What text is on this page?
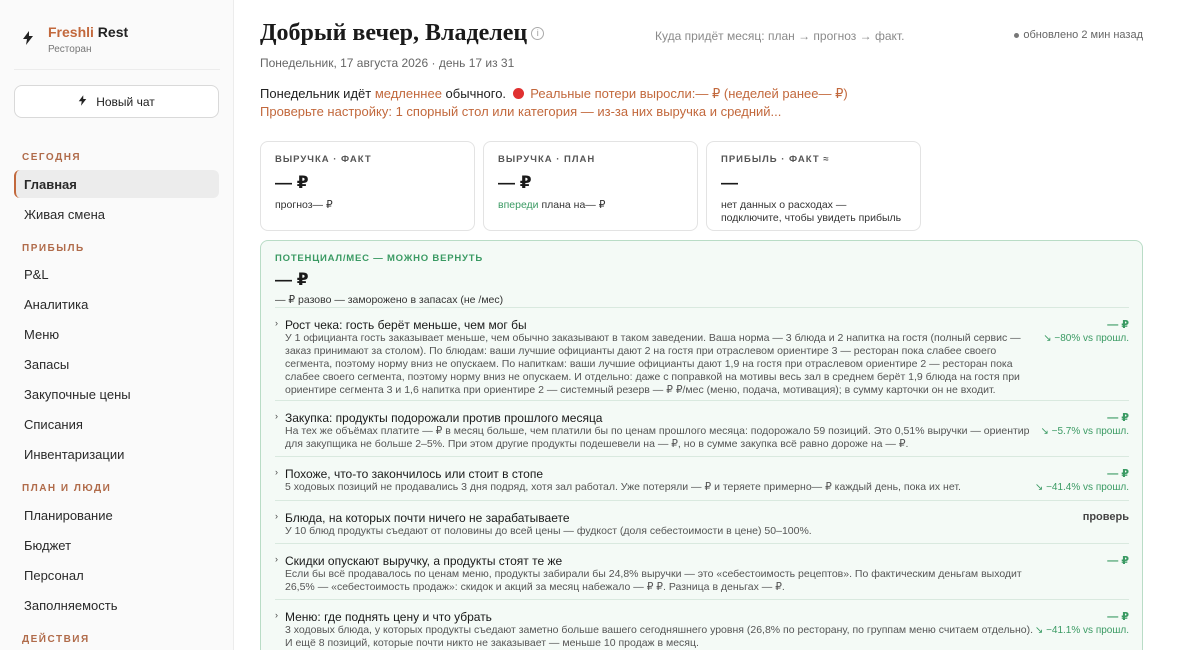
Freshli Rest
Ресторан
Новый чат
СЕГОДНЯ
Главная
Живая смена
ПРИБЫЛЬ
P&L
Аналитика
Меню
Запасы
Закупочные цены
Списания
Инвентаризации
ПЛАН И ЛЮДИ
Планирование
Бюджет
Персонал
Заполняемость
ДЕЙСТВИЯ
Добрый вечер, Владелец	i
Понедельник, 17 августа 2026 · день 17 из 31
Куда придёт месяц: план → прогноз → факт.	обновлено 2 мин назад
Понедельник идёт медленнее обычного.  Реальные потери выросли:— ₽ (неделей ранее— ₽) Проверьте настройку: 1 спорный стол или категория — из-за них выручка и средний...
ВЫРУЧКА · ФАКТ
— ₽
прогноз— ₽
ВЫРУЧКА · ПЛАН
— ₽
впереди плана на— ₽
ПРИБЫЛЬ · ФАКТ ≈
—
нет данных о расходах — подключите, чтобы увидеть прибыль
ПОТЕНЦИАЛ/МЕС — МОЖНО ВЕРНУТЬ
— ₽
— ₽ разово — заморожено в запасах (не /мес)
› Рост чека: гость берёт меньше, чем мог бы
У 1 официанта гость заказывает меньше, чем обычно заказывают в таком заведении. Ваша норма — 3 блюда и 2 напитка на гостя (полный сервис — заказ принимают за столом). По блюдам: ваши лучшие официанты дают 2 на гостя при отраслевом ориентире 3 — ресторан пока слабее своего сегмента, поэтому норму вниз не опускаем. По напиткам: ваши лучшие официанты дают 1,9 на гостя при отраслевом ориентире 2 — ресторан пока слабее своего сегмента, поэтому норму вниз не опускаем. И отдельно: даже с поправкой на мотивы весь зал в среднем берёт 1,9 блюда на гостя при ориентире сегмента 3 и 1,6 напитка при ориентире 2 — системный резерв — ₽ ₽/мес (меню, подача, мотивация); в сумму карточки он не входит.
— ₽
↘ −80% vs прошл.
› Закупка: продукты подорожали против прошлого месяца
На тех же объёмах платите — ₽ в месяц больше, чем платили бы по ценам прошлого месяца: подорожало 59 позиций. Это 0,51% выручки — ориентир для закупщика не больше 2–5%. При этом другие продукты подешевели на — ₽, но в сумме закупка всё равно дороже на — ₽.
— ₽
↘ −5.7% vs прошл.
› Похоже, что-то закончилось или стоит в стопе
5 ходовых позиций не продавались 3 дня подряд, хотя зал работал. Уже потеряли — ₽ и теряете примерно— ₽ каждый день, пока их нет.
— ₽
↘ −41.4% vs прошл.
› Блюда, на которых почти ничего не зарабатываете
У 10 блюд продукты съедают от половины до всей цены — фудкост (доля себестоимости в цене) 50–100%.
проверь
› Скидки опускают выручку, а продукты стоят те же
Если бы всё продавалось по ценам меню, продукты забирали бы 24,8% выручки — это «себестоимость рецептов». По фактическим деньгам выходит 26,5% — «себестоимость продаж»: скидок и акций за месяц набежало — ₽ ₽. Разница в деньгах — ₽.
— ₽
› Меню: где поднять цену и что убрать
3 ходовых блюда, у которых продукты съедают заметно больше вашего сегодняшнего уровня (26,8% по ресторану, по группам меню считаем отдельно). И ещё 8 позиций, которые почти никто не заказывает — меньше 10 продаж в месяц.
— ₽
↘ −41.1% vs прошл.
